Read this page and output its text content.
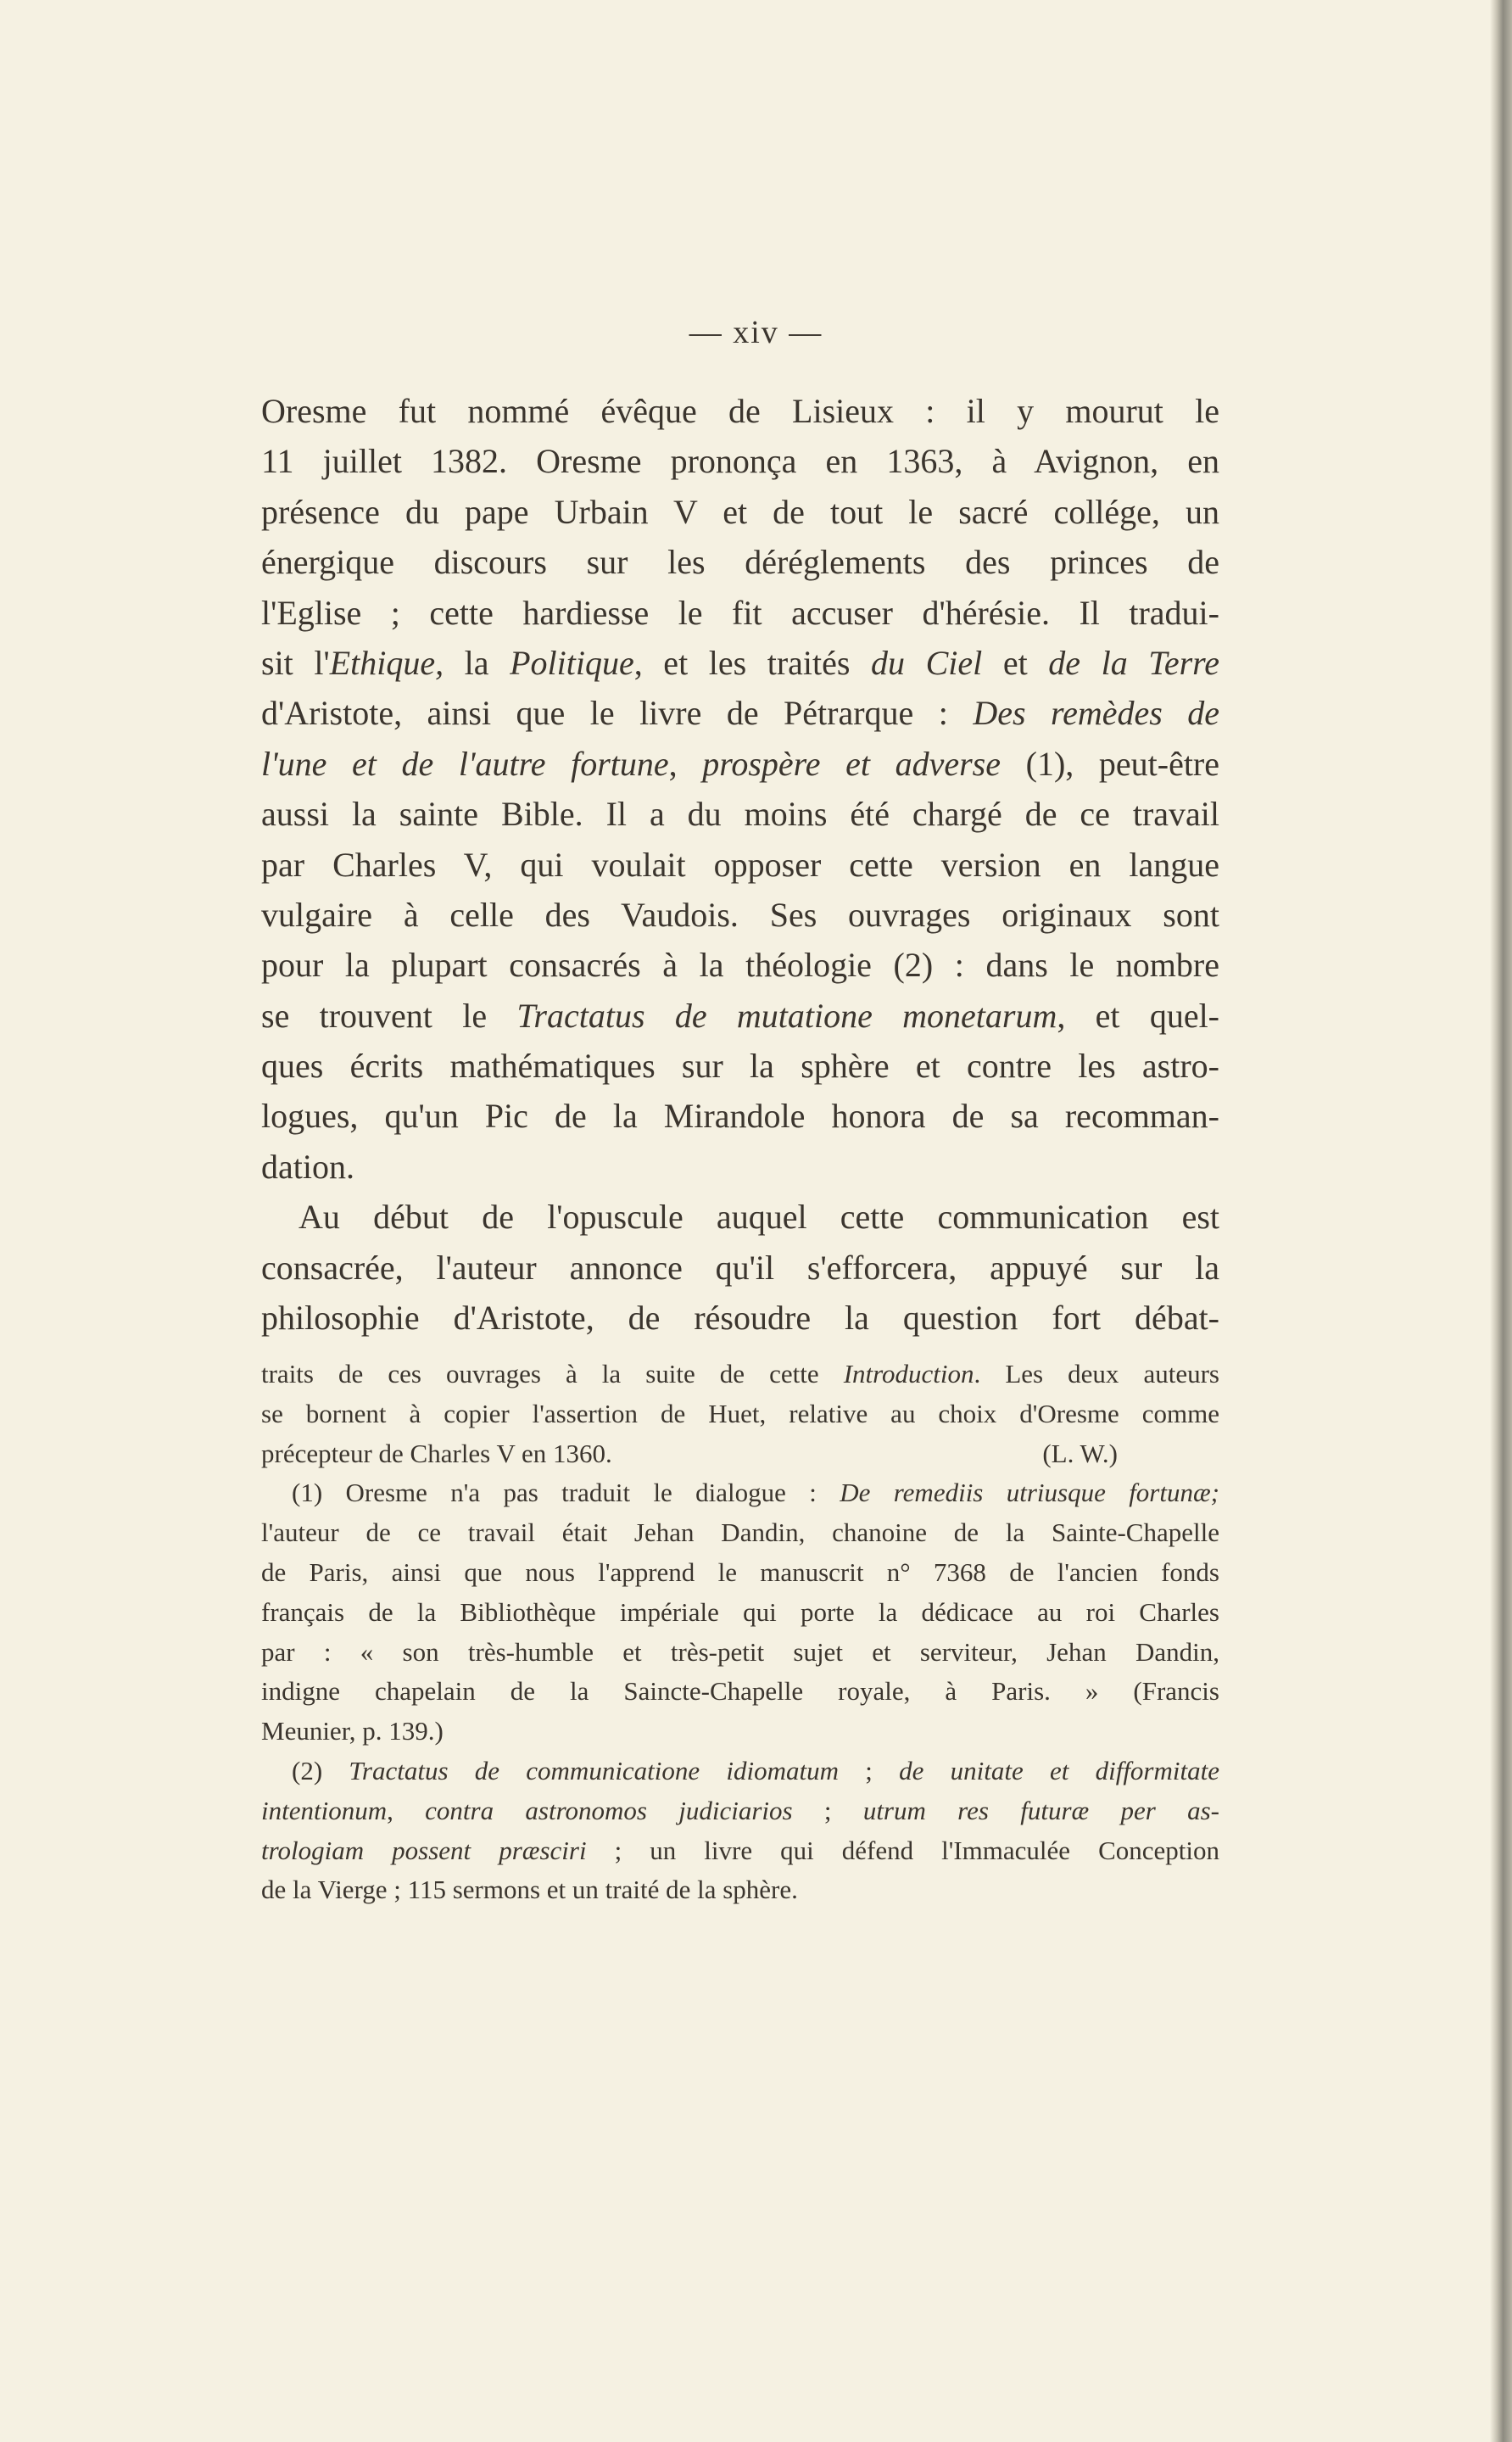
— xiv —
Oresme fut nommé évêque de Lisieux : il y mourut le
11 juillet 1382. Oresme prononça en 1363, à Avignon, en
présence du pape Urbain V et de tout le sacré collége, un
énergique discours sur les déréglements des princes de
l'Eglise ; cette hardiesse le fit accuser d'hérésie. Il tradui-
sit l'Ethique, la Politique, et les traités du Ciel et de la Terre
d'Aristote, ainsi que le livre de Pétrarque : Des remèdes de
l'une et de l'autre fortune, prospère et adverse (1), peut-être
aussi la sainte Bible. Il a du moins été chargé de ce travail
par Charles V, qui voulait opposer cette version en langue
vulgaire à celle des Vaudois. Ses ouvrages originaux sont
pour la plupart consacrés à la théologie (2) : dans le nombre
se trouvent le Tractatus de mutatione monetarum, et quel-
ques écrits mathématiques sur la sphère et contre les astro-
logues, qu'un Pic de la Mirandole honora de sa recomman-
dation.
Au début de l'opuscule auquel cette communication est
consacrée, l'auteur annonce qu'il s'efforcera, appuyé sur la
philosophie d'Aristote, de résoudre la question fort débat-
traits de ces ouvrages à la suite de cette Introduction. Les deux auteurs
se bornent à copier l'assertion de Huet, relative au choix d'Oresme comme
(L. W.)
précepteur de Charles V en 1360.
(1) Oresme n'a pas traduit le dialogue : De remediis utriusque fortunæ;
l'auteur de ce travail était Jehan Dandin, chanoine de la Sainte-Chapelle
de Paris, ainsi que nous l'apprend le manuscrit n° 7368 de l'ancien fonds
français de la Bibliothèque impériale qui porte la dédicace au roi Charles
par : « son très-humble et très-petit sujet et serviteur, Jehan Dandin,
indigne chapelain de la Saincte-Chapelle royale, à Paris. » (Francis
Meunier, p. 139.)
(2) Tractatus de communicatione idiomatum ; de unitate et difformitate
intentionum, contra astronomos judiciarios ; utrum res futuræ per as-
trologiam possent præsciri ; un livre qui défend l'Immaculée Conception
de la Vierge ; 115 sermons et un traité de la sphère.
